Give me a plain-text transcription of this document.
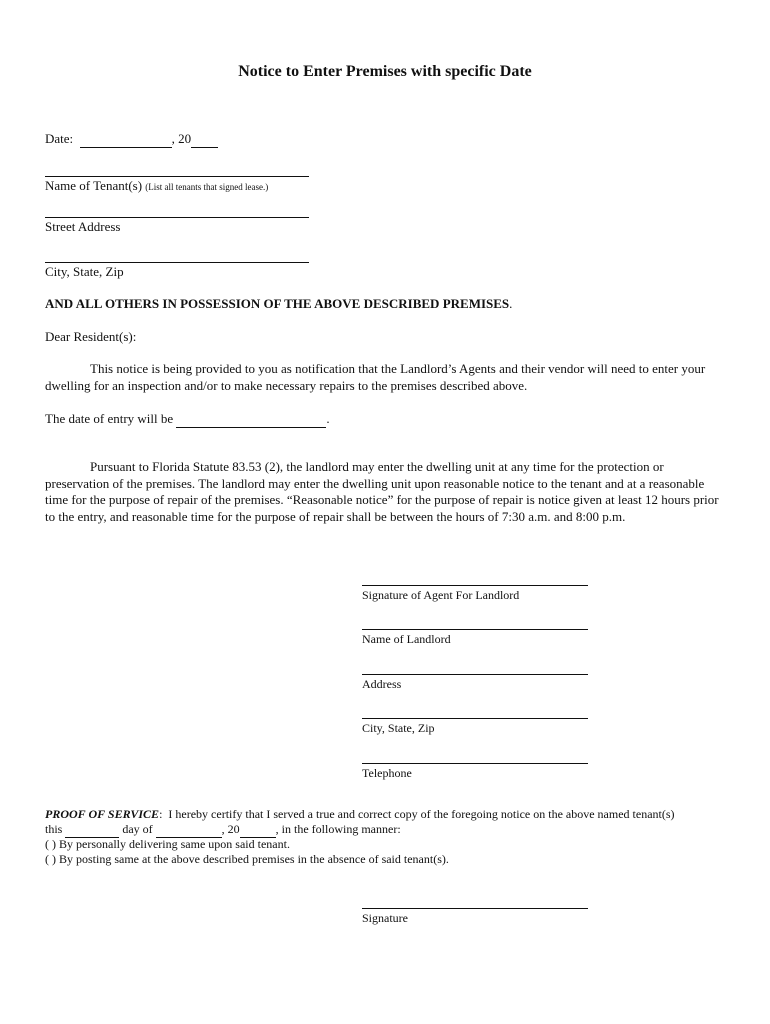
Notice to Enter Premises with specific Date
Date:	, 20
Name of Tenant(s) (List all tenants that signed lease.)
Street Address
City, State, Zip
AND ALL OTHERS IN POSSESSION OF THE ABOVE DESCRIBED PREMISES.
Dear Resident(s):
This notice is being provided to you as notification that the Landlord’s Agents and their vendor will need to enter your dwelling for an inspection and/or to make necessary repairs to the premises described above.
The date of entry will be	.
Pursuant to Florida Statute 83.53 (2), the landlord may enter the dwelling unit at any time for the protection or preservation of the premises. The landlord may enter the dwelling unit upon reasonable notice to the tenant and at a reasonable time for the purpose of repair of the premises. “Reasonable notice” for the purpose of repair is notice given at least 12 hours prior to the entry, and reasonable time for the purpose of repair shall be between the hours of 7:30 a.m. and 8:00 p.m.
Signature of Agent For Landlord
Name of Landlord
Address
City, State, Zip
Telephone
PROOF OF SERVICE: I hereby certify that I served a true and correct copy of the foregoing notice on the above named tenant(s)
this	day of	, 20	, in the following manner:
( ) By personally delivering same upon said tenant.
( ) By posting same at the above described premises in the absence of said tenant(s).
Signature
